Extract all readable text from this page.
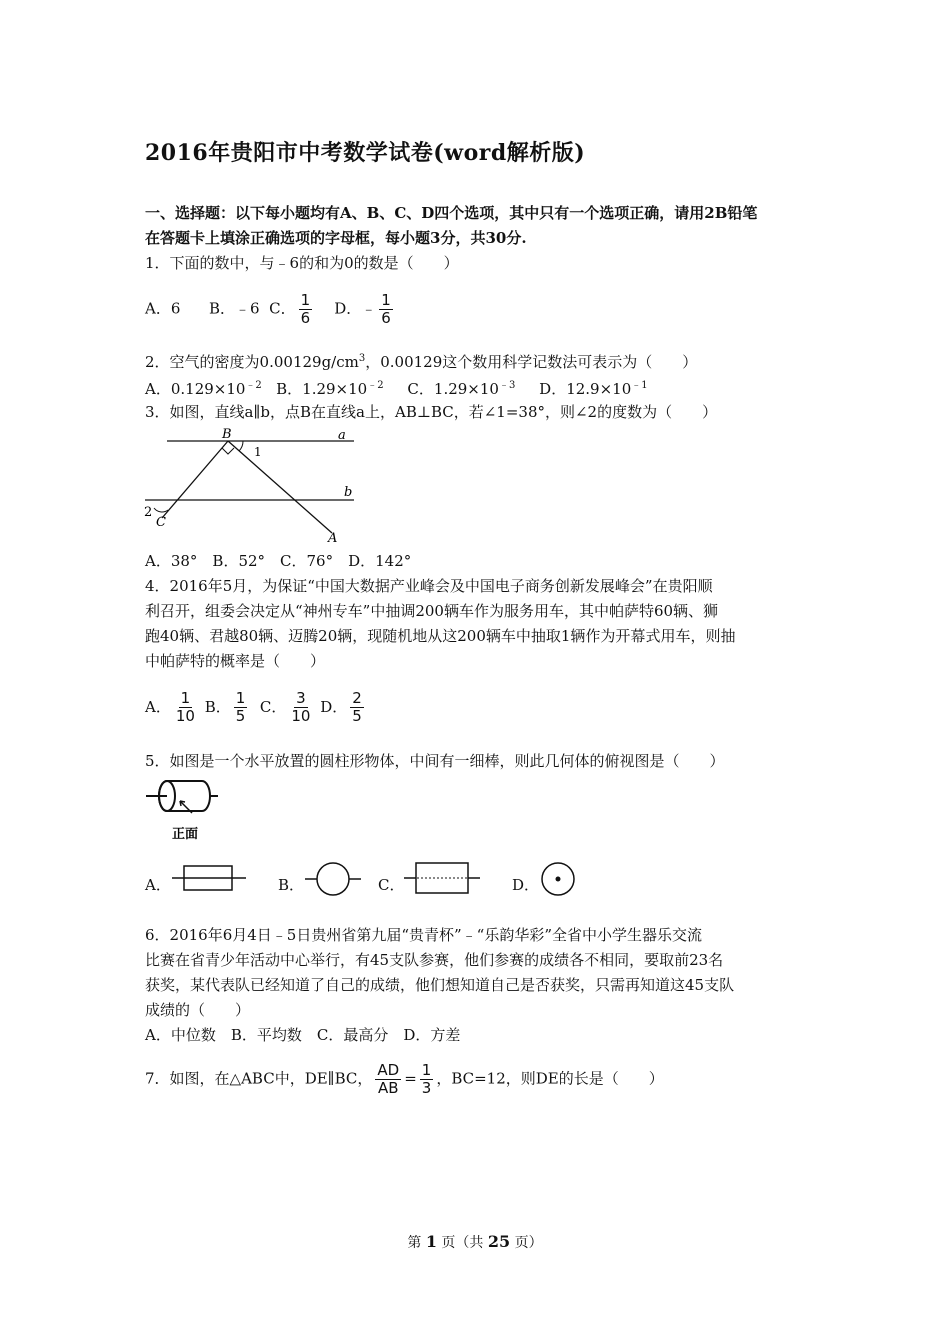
2016年贵阳市中考数学试卷(word解析版)
一、选择题：以下每小题均有A、B、C、D四个选项，其中只有一个选项正确，请用2B铅笔
在答题卡上填涂正确选项的字母框，每小题3分，共30分.
1．下面的数中，与﹣6的和为0的数是（　　）
A．6 B．﹣6 C． $\frac{1}{6}$ D．﹣ $\frac{1}{6}$
2．空气的密度为$0.00129g/cm^3$，0.00129这个数用科学记数法可表示为（　　）
A．$0.129\times 10^{﹣2}$ B．$1.29\times 10^{﹣2}$ C．$1.29\times 10^{﹣3}$ D．$12.9\times 10^{﹣1}$
3．如图，直线a∥b，点B在直线a上，AB⊥BC，若∠1=38°，则∠2的度数为（　　）
B	a
1
b
2
C
A
A．38°　B．52°　C．76°　D．142°
4．2016年5月，为保证“中国大数据产业峰会及中国电子商务创新发展峰会”在贵阳顺
利召开，组委会决定从“神州专车”中抽调200辆车作为服务用车，其中帕萨特60辆、狮
跑40辆、君越80辆、迈腾20辆，现随机地从这200辆车中抽取1辆作为开幕式用车，则抽
中帕萨特的概率是（　　）
A． $\frac{1}{10}$ B． $\frac{1}{5}$ C． $\frac{3}{10}$ D． $\frac{2}{5}$
5．如图是一个水平放置的圆柱形物体，中间有一细棒，则此几何体的俯视图是（　　）
正面
A．	B．	C．	D．
6．2016年6月4日﹣5日贵州省第九届“贵青杯”﹣“乐韵华彩”全省中小学生器乐交流
比赛在省青少年活动中心举行，有45支队参赛，他们参赛的成绩各不相同，要取前23名
获奖，某代表队已经知道了自己的成绩，他们想知道自己是否获奖，只需再知道这45支队
成绩的（　　）
A．中位数　B．平均数　C．最高分　D．方差
7．如图，在△ABC中，DE∥BC， $\frac{AD}{AB} = \frac{1}{3}$ ，BC=12，则DE的长是（　　）
第 1 页（共 25 页）
